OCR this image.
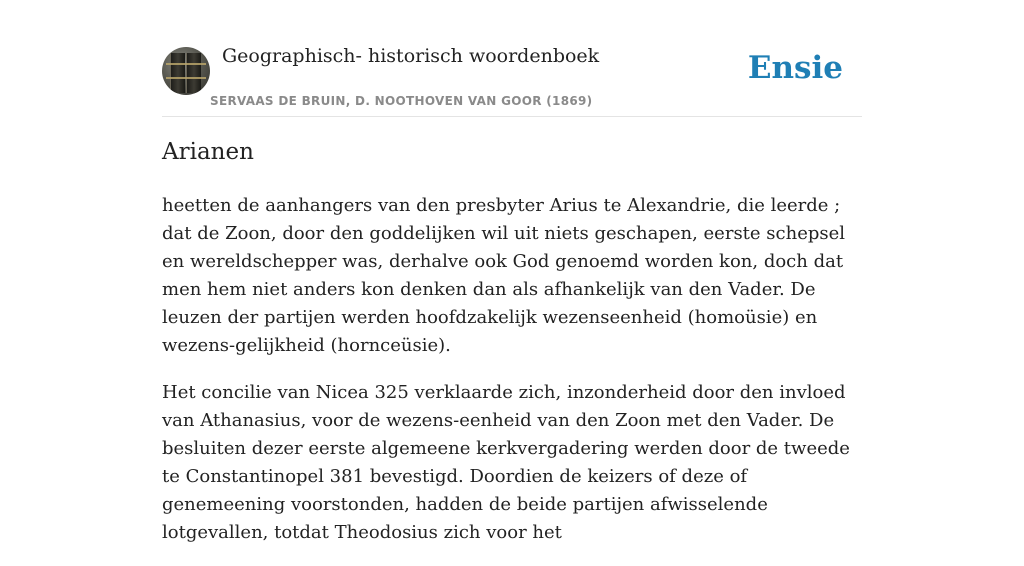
Geographisch- historisch woordenboek
SERVAAS DE BRUIN, D. NOOTHOVEN VAN GOOR (1869)
Ensie
Arianen

heetten de aanhangers van den presbyter Arius te Alexandrie, die leerde ; dat de Zoon, door den goddelijken wil uit niets geschapen, eerste schepsel en wereldschepper was, derhalve ook God genoemd worden kon, doch dat men hem niet anders kon denken dan als afhankelijk van den Vader. De leuzen der partijen werden hoofdzakelijk wezenseenheid (homoüsie) en wezens-gelijkheid (hornceüsie).

Het concilie van Nicea 325 verklaarde zich, inzonderheid door den invloed van Athanasius, voor de wezens-eenheid van den Zoon met den Vader. De besluiten dezer eerste algemeene kerkvergadering werden door de tweede te Constantinopel 381 bevestigd. Doordien de keizers of deze of genemeening voorstonden, hadden de beide partijen afwisselende lotgevallen, totdat Theodosius zich voor het
